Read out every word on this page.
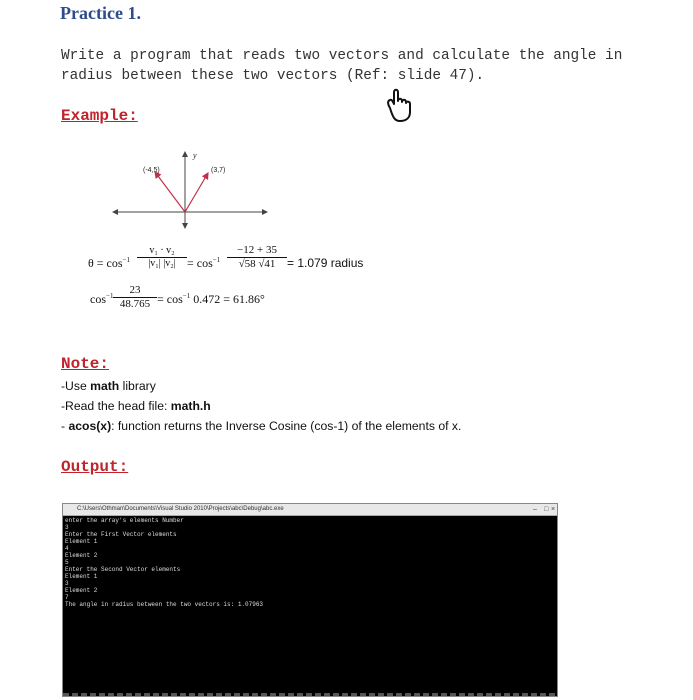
Practice 1.
Write a program that reads two vectors and calculate the angle in
radius between these two vectors (Ref: slide 47).
Example:
y
(-4,5)	(3,7)
$\theta = \cos^{-1} \frac{\text{v₁ · v₂}}{\text{|v₁| |v₂|}} = \cos^{-1} \frac{-12 + 35}{√58 √41} = 1.079$ radius
$\cos^{-1} \frac{23}{48.765} = \cos^{-1} 0.472 = 61.86^\circ$
Note:
-Use math library
-Read the head file: math.h
- acos(x): function returns the Inverse Cosine (cos-1) of the elements of x.
Output:
C:\Users\Othman\Documents\Visual Studio 2010\Projects\abc\Debug\abc.exe	– □ ×
enter the array's elements Number
3
Enter the First Vector elements
Element 1
4
Element 2
5
Enter the Second Vector elements
Element 1
3
Element 2
7
The angle in radius between the two vectors is: 1.07963
